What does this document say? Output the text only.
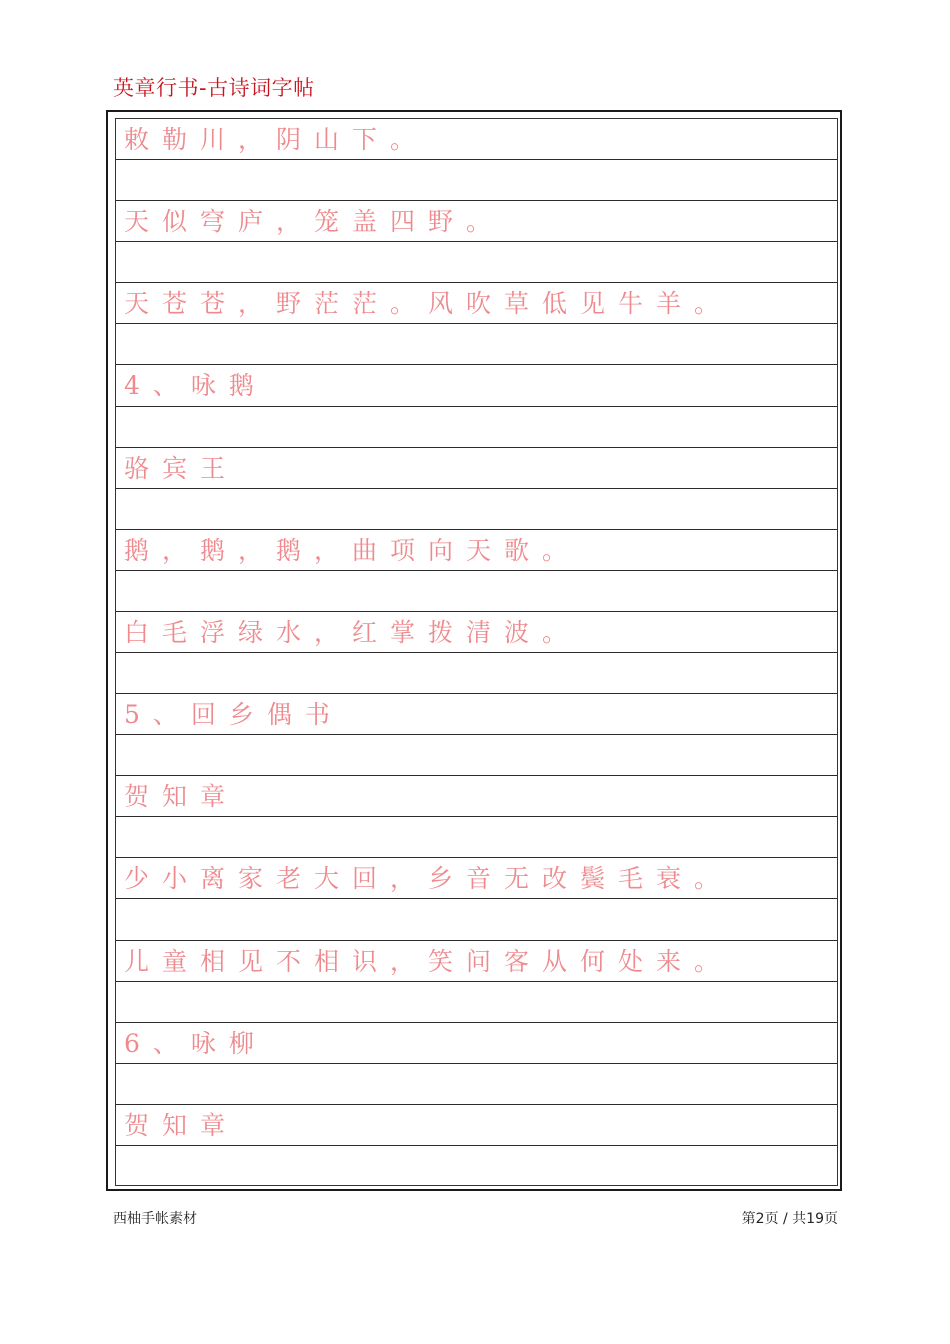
英章行书-古诗词字帖
敕勒川，阴山下。
天似穹庐，笼盖四野。
天苍苍，野茫茫。风吹草低见牛羊。
4、咏鹅
骆宾王
鹅，鹅，鹅，曲项向天歌。
白毛浮绿水，红掌拨清波。
5、回乡偶书
贺知章
少小离家老大回，乡音无改鬓毛衰。
儿童相见不相识，笑问客从何处来。
6、咏柳
贺知章
西柚手帐素材	第2页 / 共19页
